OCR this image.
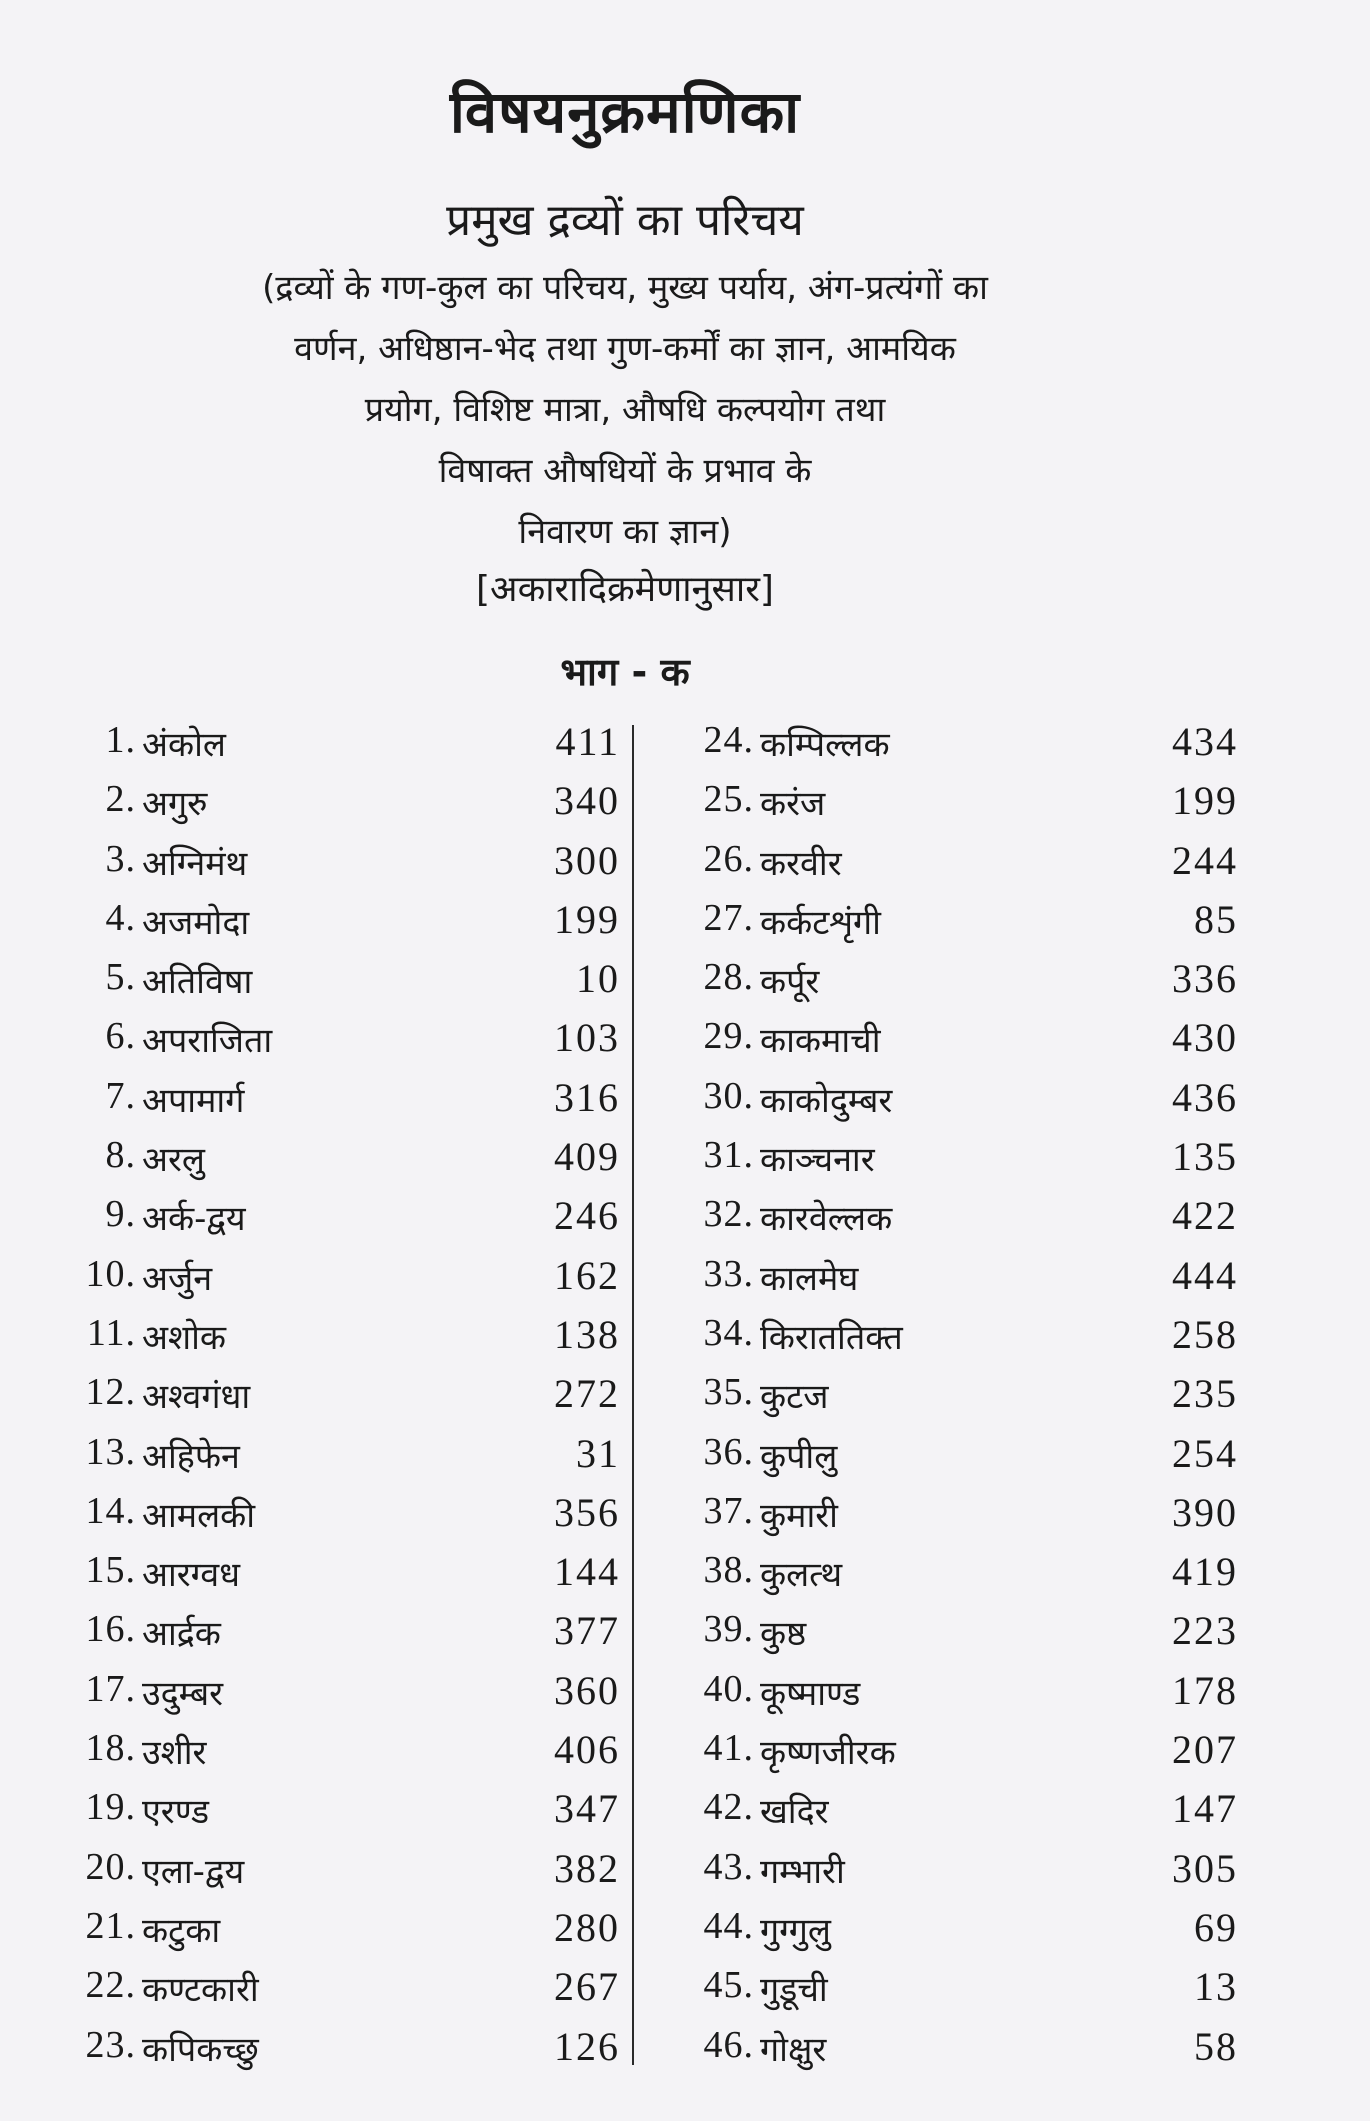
विषयनुक्रमणिका
प्रमुख द्रव्यों का परिचय
(द्रव्यों के गण-कुल का परिचय, मुख्य पर्याय, अंग-प्रत्यंगों का
वर्णन, अधिष्ठान-भेद तथा गुण-कर्मों का ज्ञान, आमयिक
प्रयोग, विशिष्ट मात्रा, औषधि कल्पयोग तथा
विषाक्त औषधियों के प्रभाव के
निवारण का ज्ञान)
[अकारादिक्रमेणानुसार]
भाग - क
1. अंकोल	411
2. अगुरु	340
3. अग्निमंथ	300
4. अजमोदा	199
5. अतिविषा	10
6. अपराजिता	103
7. अपामार्ग	316
8. अरलु	409
9. अर्क-द्वय	246
10. अर्जुन	162
11. अशोक	138
12. अश्वगंधा	272
13. अहिफेन	31
14. आमलकी	356
15. आरग्वध	144
16. आर्द्रक	377
17. उदुम्बर	360
18. उशीर	406
19. एरण्ड	347
20. एला-द्वय	382
21. कटुका	280
22. कण्टकारी	267
23. कपिकच्छु	126
24. कम्पिल्लक	434
25. करंज	199
26. करवीर	244
27. कर्कटशृंगी	85
28. कर्पूर	336
29. काकमाची	430
30. काकोदुम्बर	436
31. काञ्चनार	135
32. कारवेल्लक	422
33. कालमेघ	444
34. किराततिक्त	258
35. कुटज	235
36. कुपीलु	254
37. कुमारी	390
38. कुलत्थ	419
39. कुष्ठ	223
40. कूष्माण्ड	178
41. कृष्णजीरक	207
42. खदिर	147
43. गम्भारी	305
44. गुग्गुलु	69
45. गुडूची	13
46. गोक्षुर	58
